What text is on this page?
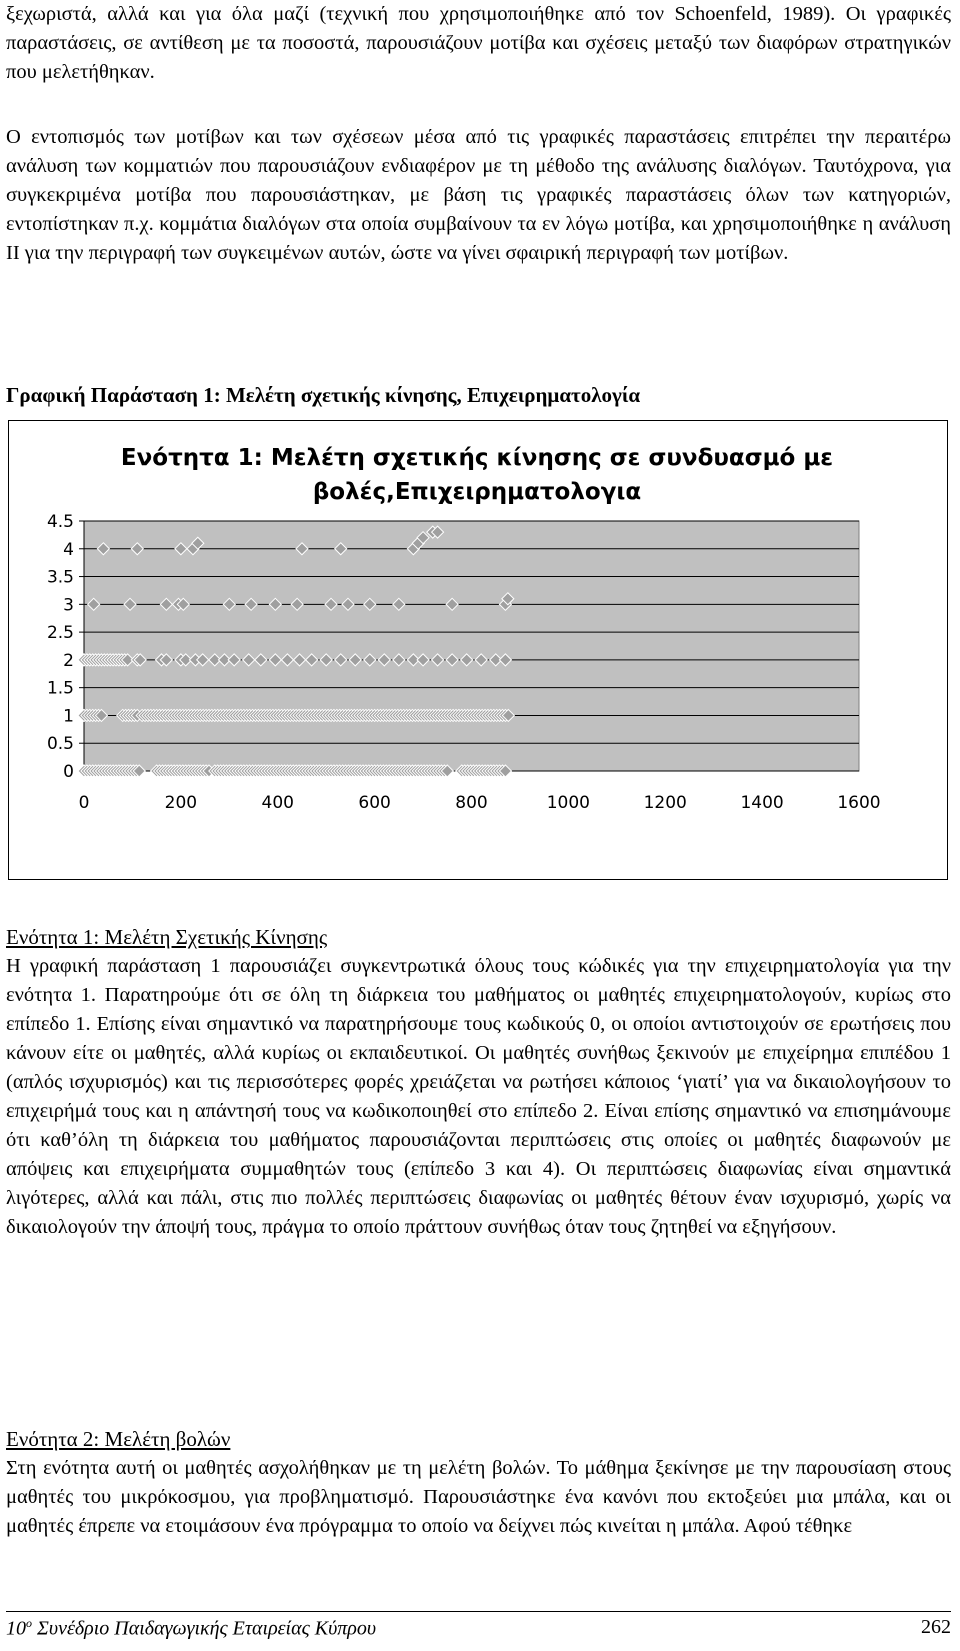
ξεχωριστά, αλλά και για όλα μαζί (τεχνική που χρησιμοποιήθηκε από τον Schoenfeld, 1989). Οι γραφικές παραστάσεις, σε αντίθεση με τα ποσοστά, παρουσιάζουν μοτίβα και σχέσεις μεταξύ των διαφόρων στρατηγικών που μελετήθηκαν.
Ο εντοπισμός των μοτίβων και των σχέσεων μέσα από τις γραφικές παραστάσεις επιτρέπει την περαιτέρω ανάλυση των κομματιών που παρουσιάζουν ενδιαφέρον με τη μέθοδο της ανάλυσης διαλόγων. Ταυτόχρονα, για συγκεκριμένα μοτίβα που παρουσιάστηκαν, με βάση τις γραφικές παραστάσεις όλων των κατηγοριών, εντοπίστηκαν π.χ. κομμάτια διαλόγων στα οποία συμβαίνουν τα εν λόγω μοτίβα, και χρησιμοποιήθηκε η ανάλυση ΙΙ για την περιγραφή των συγκειμένων αυτών, ώστε να γίνει σφαιρική περιγραφή των μοτίβων.
Γραφική Παράσταση 1: Μελέτη σχετικής κίνησης, Επιχειρηματολογία
Ενότητα 1: Μελέτη σχετικής κίνησης σε συνδυασμό με
βολές,Επιχειρηματολογια
4.5
4
3.5
3
2.5
2
1.5
1
0.5
0
0	200	400	600	800	1000	1200	1400	1600
Ενότητα 1: Μελέτη Σχετικής Κίνησης
Η γραφική παράσταση 1 παρουσιάζει συγκεντρωτικά όλους τους κώδικές για την επιχειρηματολογία για την ενότητα 1. Παρατηρούμε ότι σε όλη τη διάρκεια του μαθήματος οι μαθητές επιχειρηματολογούν, κυρίως στο επίπεδο 1. Επίσης είναι σημαντικό να παρατηρήσουμε τους κωδικούς 0, οι οποίοι αντιστοιχούν σε ερωτήσεις που κάνουν είτε οι μαθητές, αλλά κυρίως οι εκπαιδευτικοί. Οι μαθητές συνήθως ξεκινούν με επιχείρημα επιπέδου 1 (απλός ισχυρισμός) και τις περισσότερες φορές χρειάζεται να ρωτήσει κάποιος ‘γιατί’ για να δικαιολογήσουν το επιχειρήμά τους και η απάντησή τους να κωδικοποιηθεί στο επίπεδο 2. Είναι επίσης σημαντικό να επισημάνουμε ότι καθ’όλη τη διάρκεια του μαθήματος παρουσιάζονται περιπτώσεις στις οποίες οι μαθητές διαφωνούν με απόψεις και επιχειρήματα συμμαθητών τους (επίπεδο 3 και 4). Οι περιπτώσεις διαφωνίας είναι σημαντικά λιγότερες, αλλά και πάλι, στις πιο πολλές περιπτώσεις διαφωνίας οι μαθητές θέτουν έναν ισχυρισμό, χωρίς να δικαιολογούν την άποψή τους, πράγμα το οποίο πράττουν συνήθως όταν τους ζητηθεί να εξηγήσουν.
Ενότητα 2: Μελέτη βολών
Στη ενότητα αυτή οι μαθητές ασχολήθηκαν με τη μελέτη βολών. Το μάθημα ξεκίνησε με την παρουσίαση στους μαθητές του μικρόκοσμου, για προβληματισμό. Παρουσιάστηκε ένα κανόνι που εκτοξεύει μια μπάλα, και οι μαθητές έπρεπε να ετοιμάσουν ένα πρόγραμμα το οποίο να δείχνει πώς κινείται η μπάλα. Αφού τέθηκε
$10^o$ Συνέδριο Παιδαγωγικής Εταιρείας Κύπρου	262
